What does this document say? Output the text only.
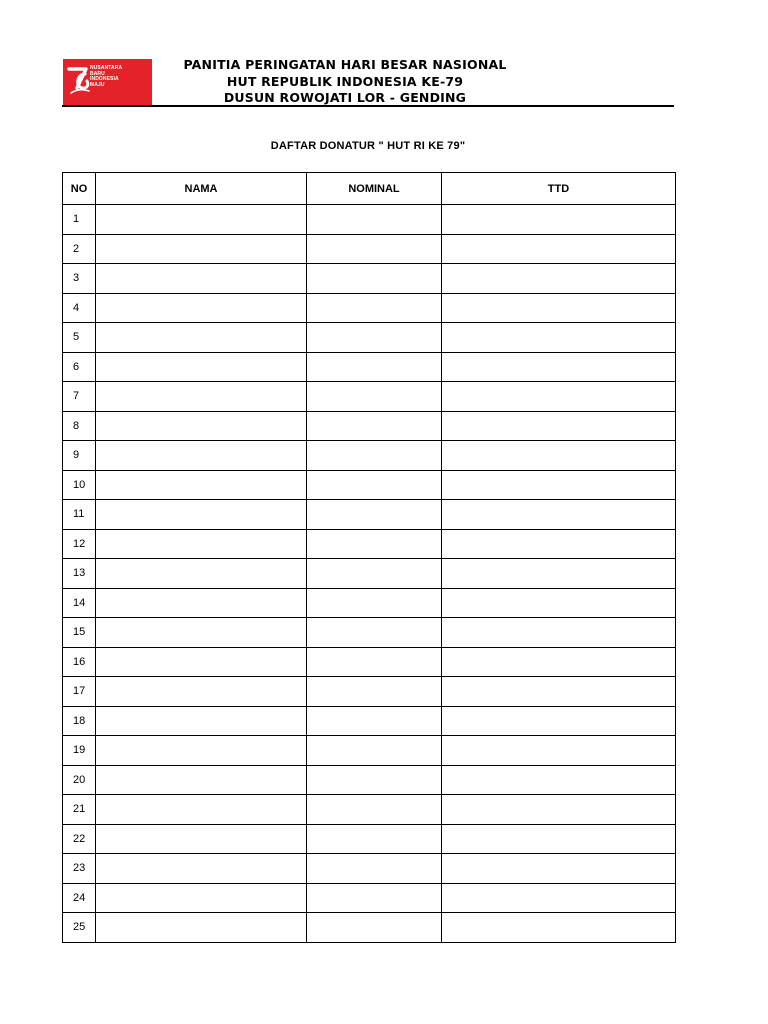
NUSANTARA
BARU
INDONESIA
MAJU
PANITIA PERINGATAN HARI BESAR NASIONAL
HUT REPUBLIK INDONESIA KE-79
DUSUN ROWOJATI LOR - GENDING
DAFTAR DONATUR " HUT RI KE 79"
NO	NAMA	NOMINAL	TTD
1			
2			
3			
4			
5			
6			
7			
8			
9			
10			
11			
12			
13			
14			
15			
16			
17			
18			
19			
20			
21			
22			
23			
24			
25			
